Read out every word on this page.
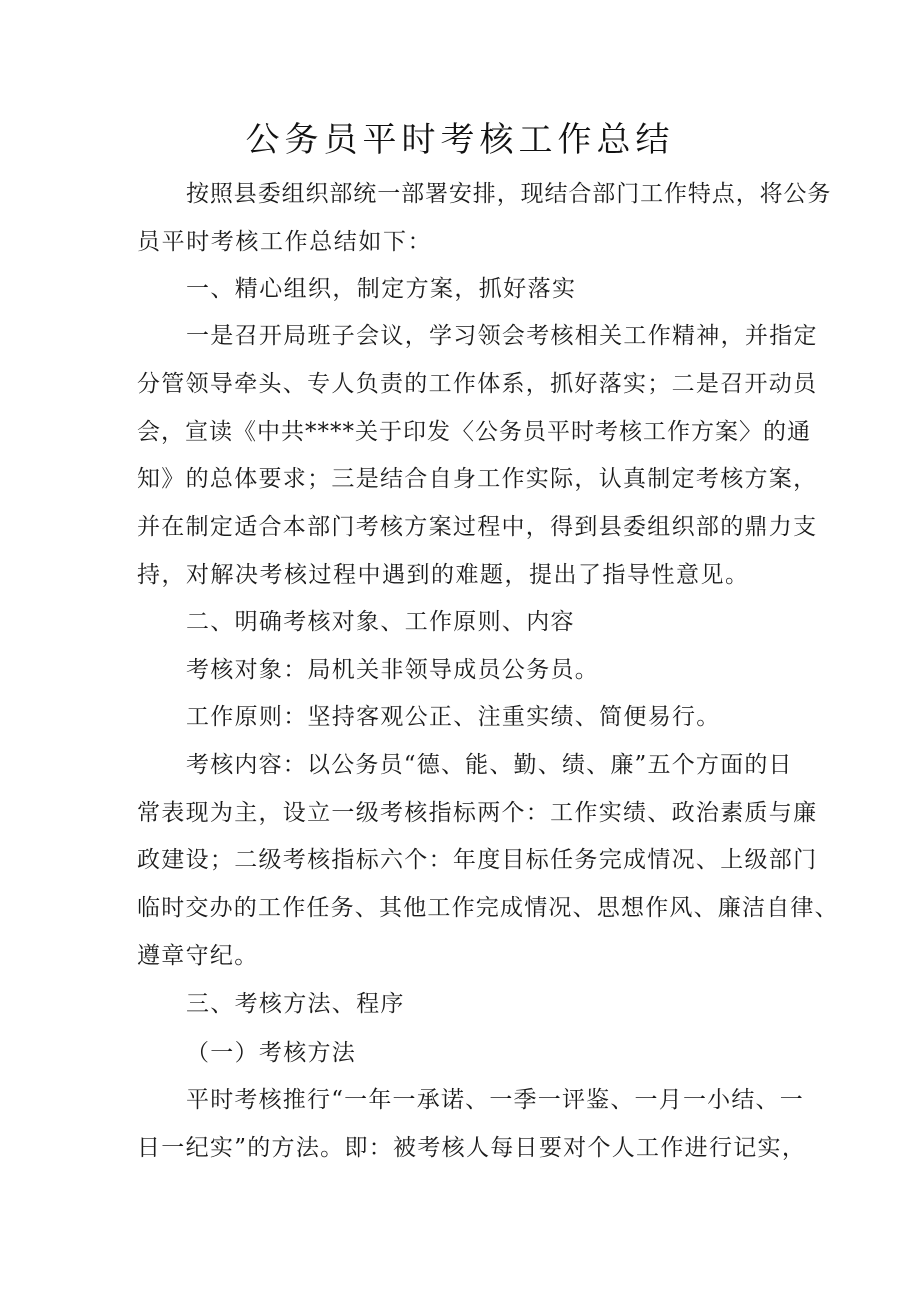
公务员平时考核工作总结
按照县委组织部统一部署安排，现结合部门工作特点，将公务
员平时考核工作总结如下：
一、精心组织，制定方案，抓好落实
一是召开局班子会议，学习领会考核相关工作精神，并指定
分管领导牵头、专人负责的工作体系，抓好落实；二是召开动员
会，宣读《中共****关于印发〈公务员平时考核工作方案〉的通
知》的总体要求；三是结合自身工作实际，认真制定考核方案，
并在制定适合本部门考核方案过程中，得到县委组织部的鼎力支
持，对解决考核过程中遇到的难题，提出了指导性意见。
二、明确考核对象、工作原则、内容
考核对象：局机关非领导成员公务员。
工作原则：坚持客观公正、注重实绩、简便易行。
考核内容：以公务员“德、能、勤、绩、廉”五个方面的日
常表现为主，设立一级考核指标两个：工作实绩、政治素质与廉
政建设；二级考核指标六个：年度目标任务完成情况、上级部门
临时交办的工作任务、其他工作完成情况、思想作风、廉洁自律、
遵章守纪。
三、考核方法、程序
（一）考核方法
平时考核推行“一年一承诺、一季一评鉴、一月一小结、一
日一纪实”的方法。即：被考核人每日要对个人工作进行记实，
